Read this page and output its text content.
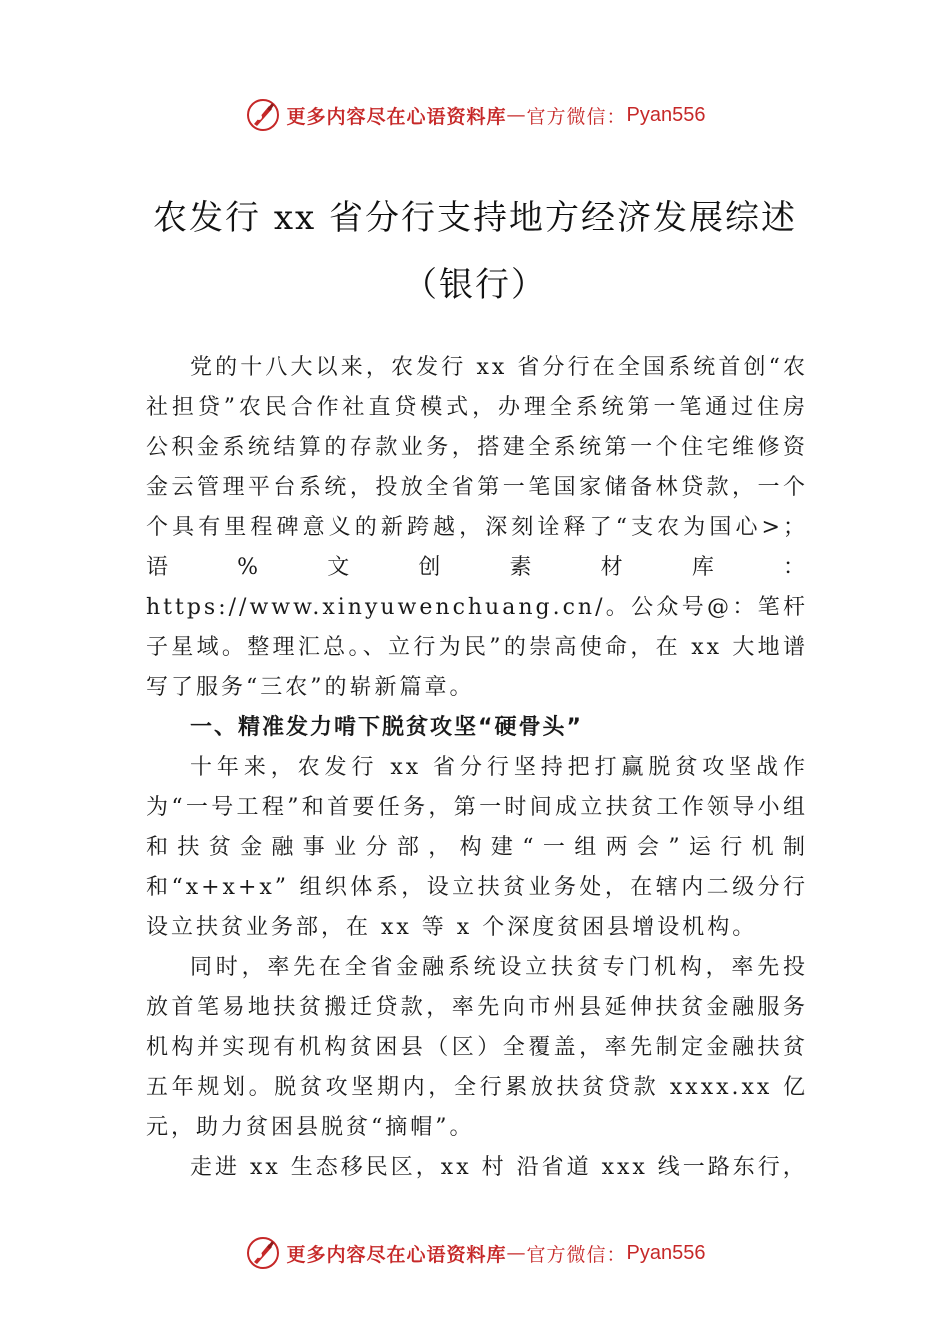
更多内容尽在心语资料库 — 官方微信： Pyan556
农发行 xx 省分行支持地方经济发展综述
（银行）

党的十八大以来，农发行 xx 省分行在全国系统首创“农社担贷”农民合作社直贷模式，办理全系统第一笔通过住房公积金系统结算的存款业务，搭建全系统第一个住宅维修资金云管理平台系统，投放全省第一笔国家储备林贷款，一个个具有里程碑意义的新跨越，深刻诠释了“支农为国心>；语%文创素材库：https://www.xinyuwenchuang.cn/。公众号@：笔杆子星域。整理汇总。、立行为民”的崇高使命，在 xx 大地谱写了服务“三农”的崭新篇章。

一、精准发力啃下脱贫攻坚“硬骨头”

十年来，农发行 xx 省分行坚持把打赢脱贫攻坚战作为“一号工程”和首要任务，第一时间成立扶贫工作领导小组和扶贫金融事业分部，构建“一组两会”运行机制和“x+x+x” 组织体系，设立扶贫业务处，在辖内二级分行设立扶贫业务部，在 xx 等 x 个深度贫困县增设机构。

同时，率先在全省金融系统设立扶贫专门机构，率先投放首笔易地扶贫搬迁贷款，率先向市州县延伸扶贫金融服务机构并实现有机构贫困县（区）全覆盖，率先制定金融扶贫五年规划。脱贫攻坚期内，全行累放扶贫贷款 xxxx.xx 亿元，助力贫困县脱贫“摘帽”。

走进 xx 生态移民区，xx 村 沿省道 xxx 线一路东行，

更多内容尽在心语资料库 — 官方微信： Pyan556
